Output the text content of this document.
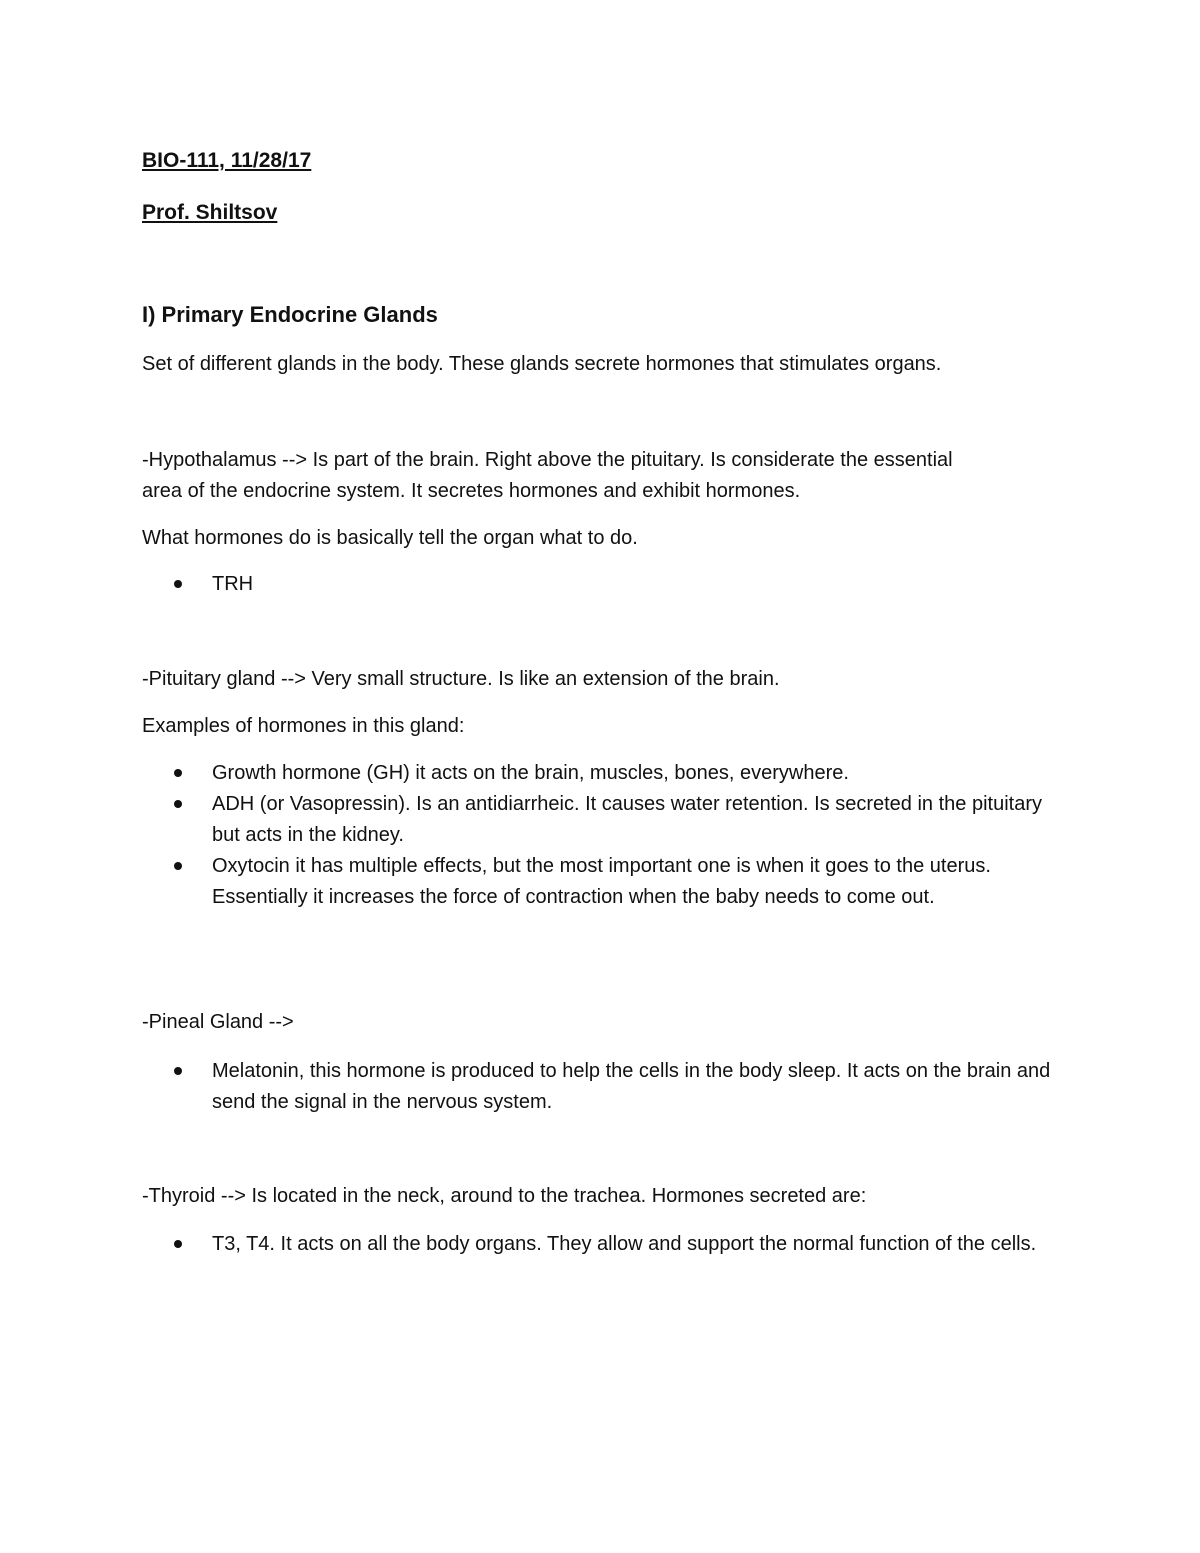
BIO-111, 11/28/17
Prof. Shiltsov
I) Primary Endocrine Glands
Set of different glands in the body. These glands secrete hormones that stimulates organs.
-Hypothalamus --> Is part of the brain. Right above the pituitary. Is considerate the essential
area of the endocrine system. It secretes hormones and exhibit hormones.
What hormones do is basically tell the organ what to do.
TRH
-Pituitary gland --> Very small structure. Is like an extension of the brain.
Examples of hormones in this gland:
Growth hormone (GH) it acts on the brain, muscles, bones, everywhere.
ADH (or Vasopressin). Is an antidiarrheic. It causes water retention. Is secreted in the pituitary but acts in the kidney.
Oxytocin it has multiple effects, but the most important one is when it goes to the uterus. Essentially it increases the force of contraction when the baby needs to come out.
-Pineal Gland -->
Melatonin, this hormone is produced to help the cells in the body sleep. It acts on the brain and send the signal in the nervous system.
-Thyroid --> Is located in the neck, around to the trachea. Hormones secreted are:
T3, T4. It acts on all the body organs. They allow and support the normal function of the cells.
